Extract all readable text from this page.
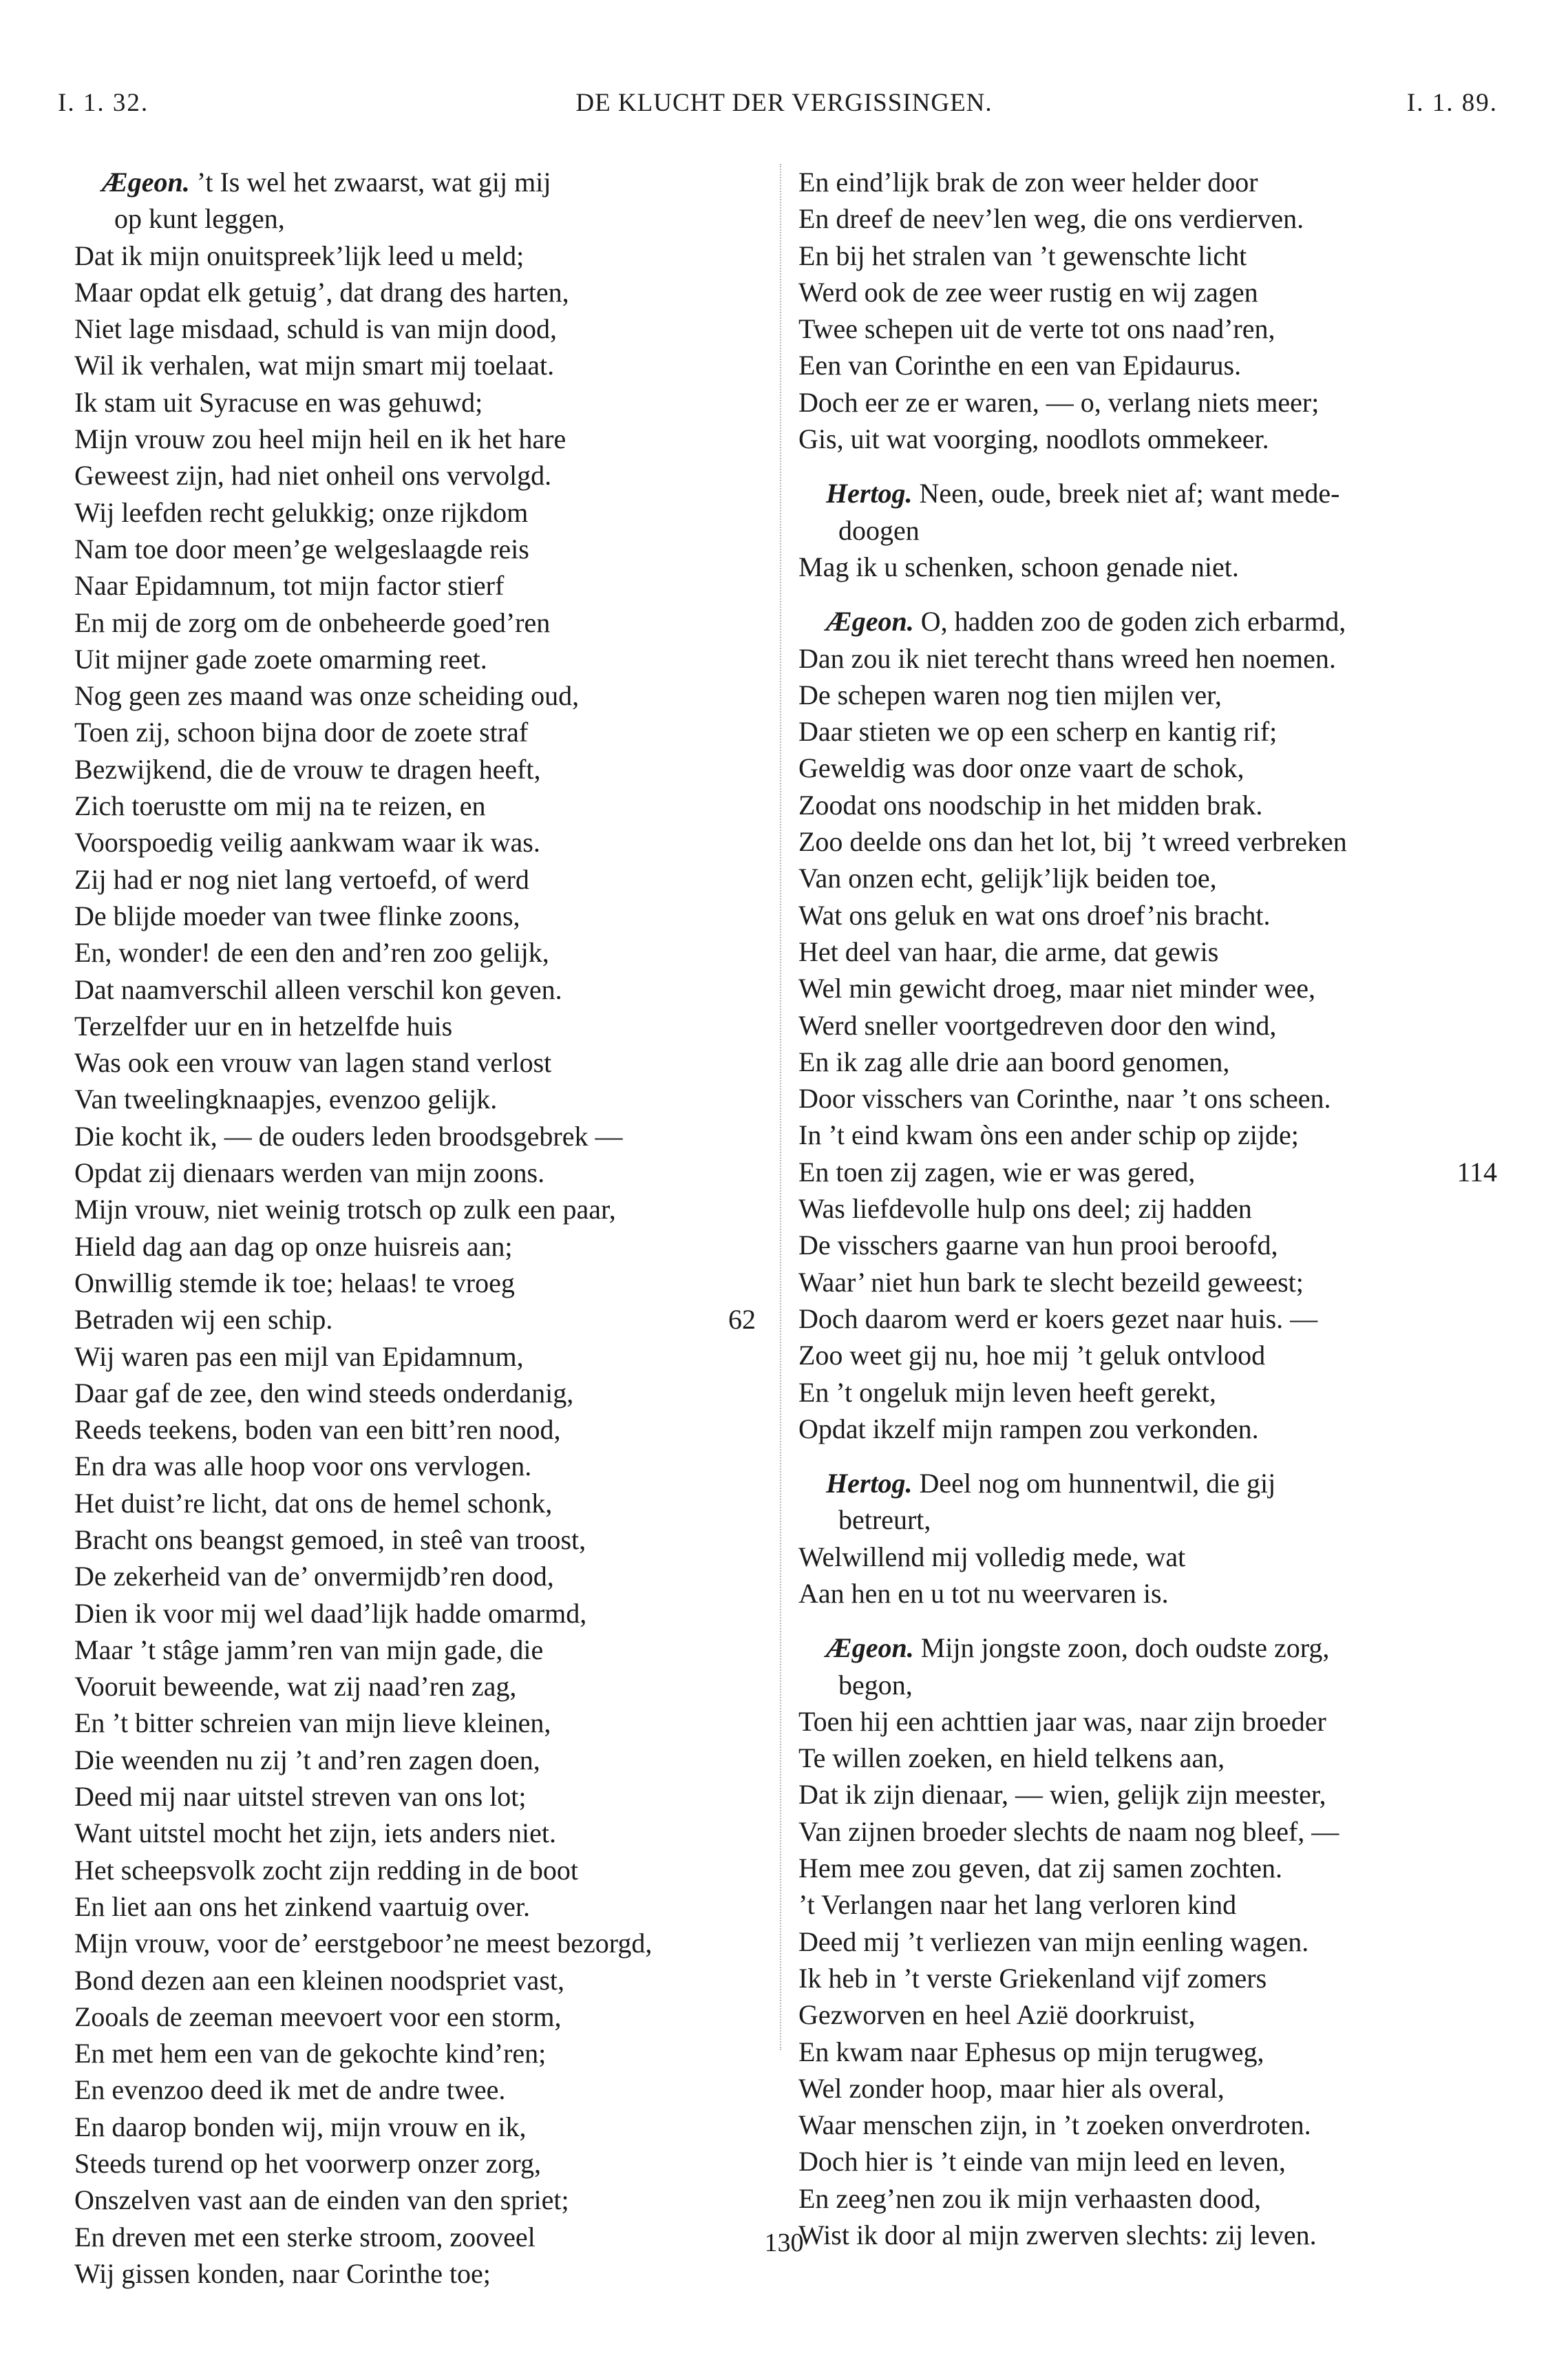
I. 1. 32.	DE KLUCHT DER VERGISSINGEN.	I. 1. 89.
Ægeon. ’t Is wel het zwaarst, wat gij mij
op kunt leggen,
Dat ik mijn onuitspreek’lijk leed u meld;
Maar opdat elk getuig’, dat drang des harten,
Niet lage misdaad, schuld is van mijn dood,
Wil ik verhalen, wat mijn smart mij toelaat.
Ik stam uit Syracuse en was gehuwd;
Mijn vrouw zou heel mijn heil en ik het hare
Geweest zijn, had niet onheil ons vervolgd.
Wij leefden recht gelukkig; onze rijkdom
Nam toe door meen’ge welgeslaagde reis
Naar Epidamnum, tot mijn factor stierf
En mij de zorg om de onbeheerde goed’ren
Uit mijner gade zoete omarming reet.
Nog geen zes maand was onze scheiding oud,
Toen zij, schoon bijna door de zoete straf
Bezwijkend, die de vrouw te dragen heeft,
Zich toerustte om mij na te reizen, en
Voorspoedig veilig aankwam waar ik was.
Zij had er nog niet lang vertoefd, of werd
De blijde moeder van twee flinke zoons,
En, wonder! de een den and’ren zoo gelijk,
Dat naamverschil alleen verschil kon geven.
Terzelfder uur en in hetzelfde huis
Was ook een vrouw van lagen stand verlost
Van tweelingknaapjes, evenzoo gelijk.
Die kocht ik, — de ouders leden broodsgebrek —
Opdat zij dienaars werden van mijn zoons.
Mijn vrouw, niet weinig trotsch op zulk een paar,
Hield dag aan dag op onze huisreis aan;
Onwillig stemde ik toe; helaas! te vroeg
Betraden wij een schip.	62
Wij waren pas een mijl van Epidamnum,
Daar gaf de zee, den wind steeds onderdanig,
Reeds teekens, boden van een bitt’ren nood,
En dra was alle hoop voor ons vervlogen.
Het duist’re licht, dat ons de hemel schonk,
Bracht ons beangst gemoed, in steê van troost,
De zekerheid van de’ onvermijdb’ren dood,
Dien ik voor mij wel daad’lijk hadde omarmd,
Maar ’t stâge jamm’ren van mijn gade, die
Vooruit beweende, wat zij naad’ren zag,
En ’t bitter schreien van mijn lieve kleinen,
Die weenden nu zij ’t and’ren zagen doen,
Deed mij naar uitstel streven van ons lot;
Want uitstel mocht het zijn, iets anders niet.
Het scheepsvolk zocht zijn redding in de boot
En liet aan ons het zinkend vaartuig over.
Mijn vrouw, voor de’ eerstgeboor’ne meest bezorgd,
Bond dezen aan een kleinen noodspriet vast,
Zooals de zeeman meevoert voor een storm,
En met hem een van de gekochte kind’ren;
En evenzoo deed ik met de andre twee.
En daarop bonden wij, mijn vrouw en ik,
Steeds turend op het voorwerp onzer zorg,
Onszelven vast aan de einden van den spriet;
En dreven met een sterke stroom, zooveel
Wij gissen konden, naar Corinthe toe;
En eind’lijk brak de zon weer helder door
En dreef de neev’len weg, die ons verdierven.
En bij het stralen van ’t gewenschte licht
Werd ook de zee weer rustig en wij zagen
Twee schepen uit de verte tot ons naad’ren,
Een van Corinthe en een van Epidaurus.
Doch eer ze er waren, — o, verlang niets meer;
Gis, uit wat voorging, noodlots ommekeer.
Hertog. Neen, oude, breek niet af; want mede-
doogen
Mag ik u schenken, schoon genade niet.
Ægeon. O, hadden zoo de goden zich erbarmd,
Dan zou ik niet terecht thans wreed hen noemen.
De schepen waren nog tien mijlen ver,
Daar stieten we op een scherp en kantig rif;
Geweldig was door onze vaart de schok,
Zoodat ons noodschip in het midden brak.
Zoo deelde ons dan het lot, bij ’t wreed verbreken
Van onzen echt, gelijk’lijk beiden toe,
Wat ons geluk en wat ons droef’nis bracht.
Het deel van haar, die arme, dat gewis
Wel min gewicht droeg, maar niet minder wee,
Werd sneller voortgedreven door den wind,
En ik zag alle drie aan boord genomen,
Door visschers van Corinthe, naar ’t ons scheen.
In ’t eind kwam òns een ander schip op zijde;
En toen zij zagen, wie er was gered,	114
Was liefdevolle hulp ons deel; zij hadden
De visschers gaarne van hun prooi beroofd,
Waar’ niet hun bark te slecht bezeild geweest;
Doch daarom werd er koers gezet naar huis. —
Zoo weet gij nu, hoe mij ’t geluk ontvlood
En ’t ongeluk mijn leven heeft gerekt,
Opdat ikzelf mijn rampen zou verkonden.
Hertog. Deel nog om hunnentwil, die gij
betreurt,
Welwillend mij volledig mede, wat
Aan hen en u tot nu weervaren is.
Ægeon. Mijn jongste zoon, doch oudste zorg,
begon,
Toen hij een achttien jaar was, naar zijn broeder
Te willen zoeken, en hield telkens aan,
Dat ik zijn dienaar, — wien, gelijk zijn meester,
Van zijnen broeder slechts de naam nog bleef, —
Hem mee zou geven, dat zij samen zochten.
’t Verlangen naar het lang verloren kind
Deed mij ’t verliezen van mijn eenling wagen.
Ik heb in ’t verste Griekenland vijf zomers
Gezworven en heel Azië doorkruist,
En kwam naar Ephesus op mijn terugweg,
Wel zonder hoop, maar hier als overal,
Waar menschen zijn, in ’t zoeken onverdroten.
Doch hier is ’t einde van mijn leed en leven,
En zeeg’nen zou ik mijn verhaasten dood,
Wist ik door al mijn zwerven slechts: zij leven.
130
